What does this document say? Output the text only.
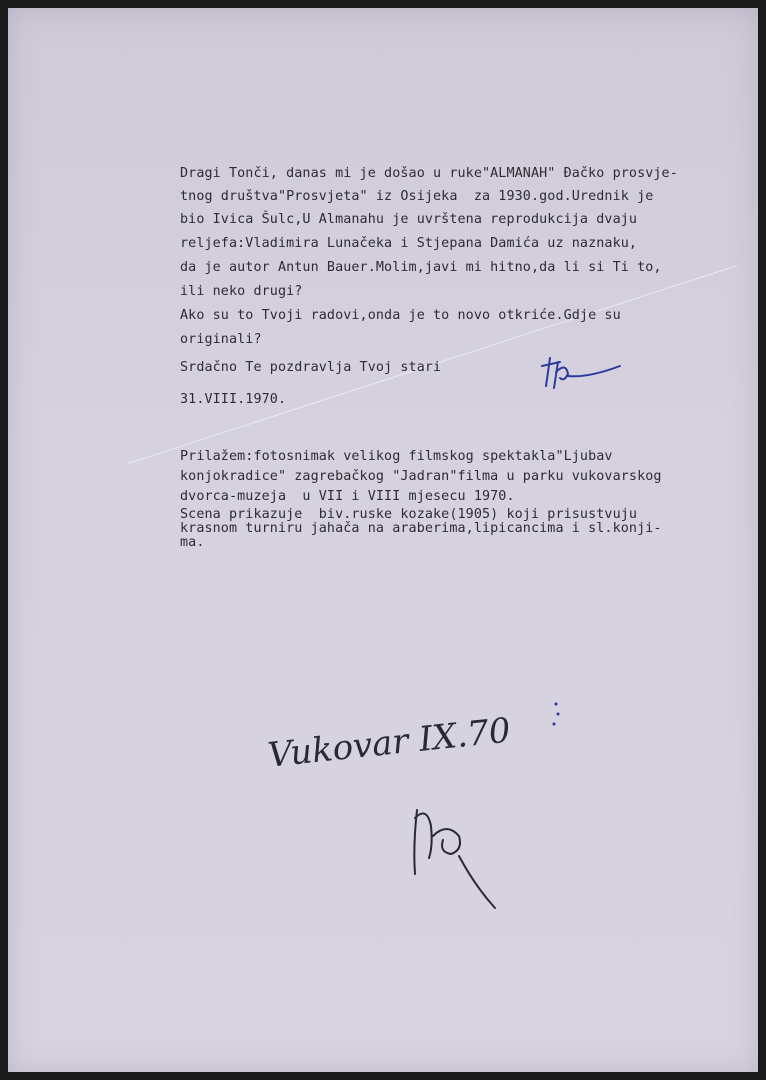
Dragi Tonči, danas mi je došao u ruke"ALMANAH" Đačko prosvje-

tnog društva"Prosvjeta" iz Osijeka  za 1930.god.Urednik je

bio Ivica Šulc,U Almanahu je uvrštena reprodukcija dvaju

reljefa:Vladimira Lunačeka i Stjepana Damića uz naznaku,

da je autor Antun Bauer.Molim,javi mi hitno,da li si Ti to,

ili neko drugi?

Ako su to Tvoji radovi,onda je to novo otkriće.Gdje su

originali?

Srdačno Te pozdravlja Tvoj stari

31.VIII.1970.

Prilažem:fotosnimak velikog filmskog spektakla"Ljubav

konjokradice" zagrebačkog "Jadran"filma u parku vukovarskog

dvorca-muzeja  u VII i VIII mjesecu 1970.

Scena prikazuje  biv.ruske kozake(1905) koji prisustvuju

krasnom turniru jahača na araberima,lipicancima i sl.konji-

ma.

Vukovar IX.70
